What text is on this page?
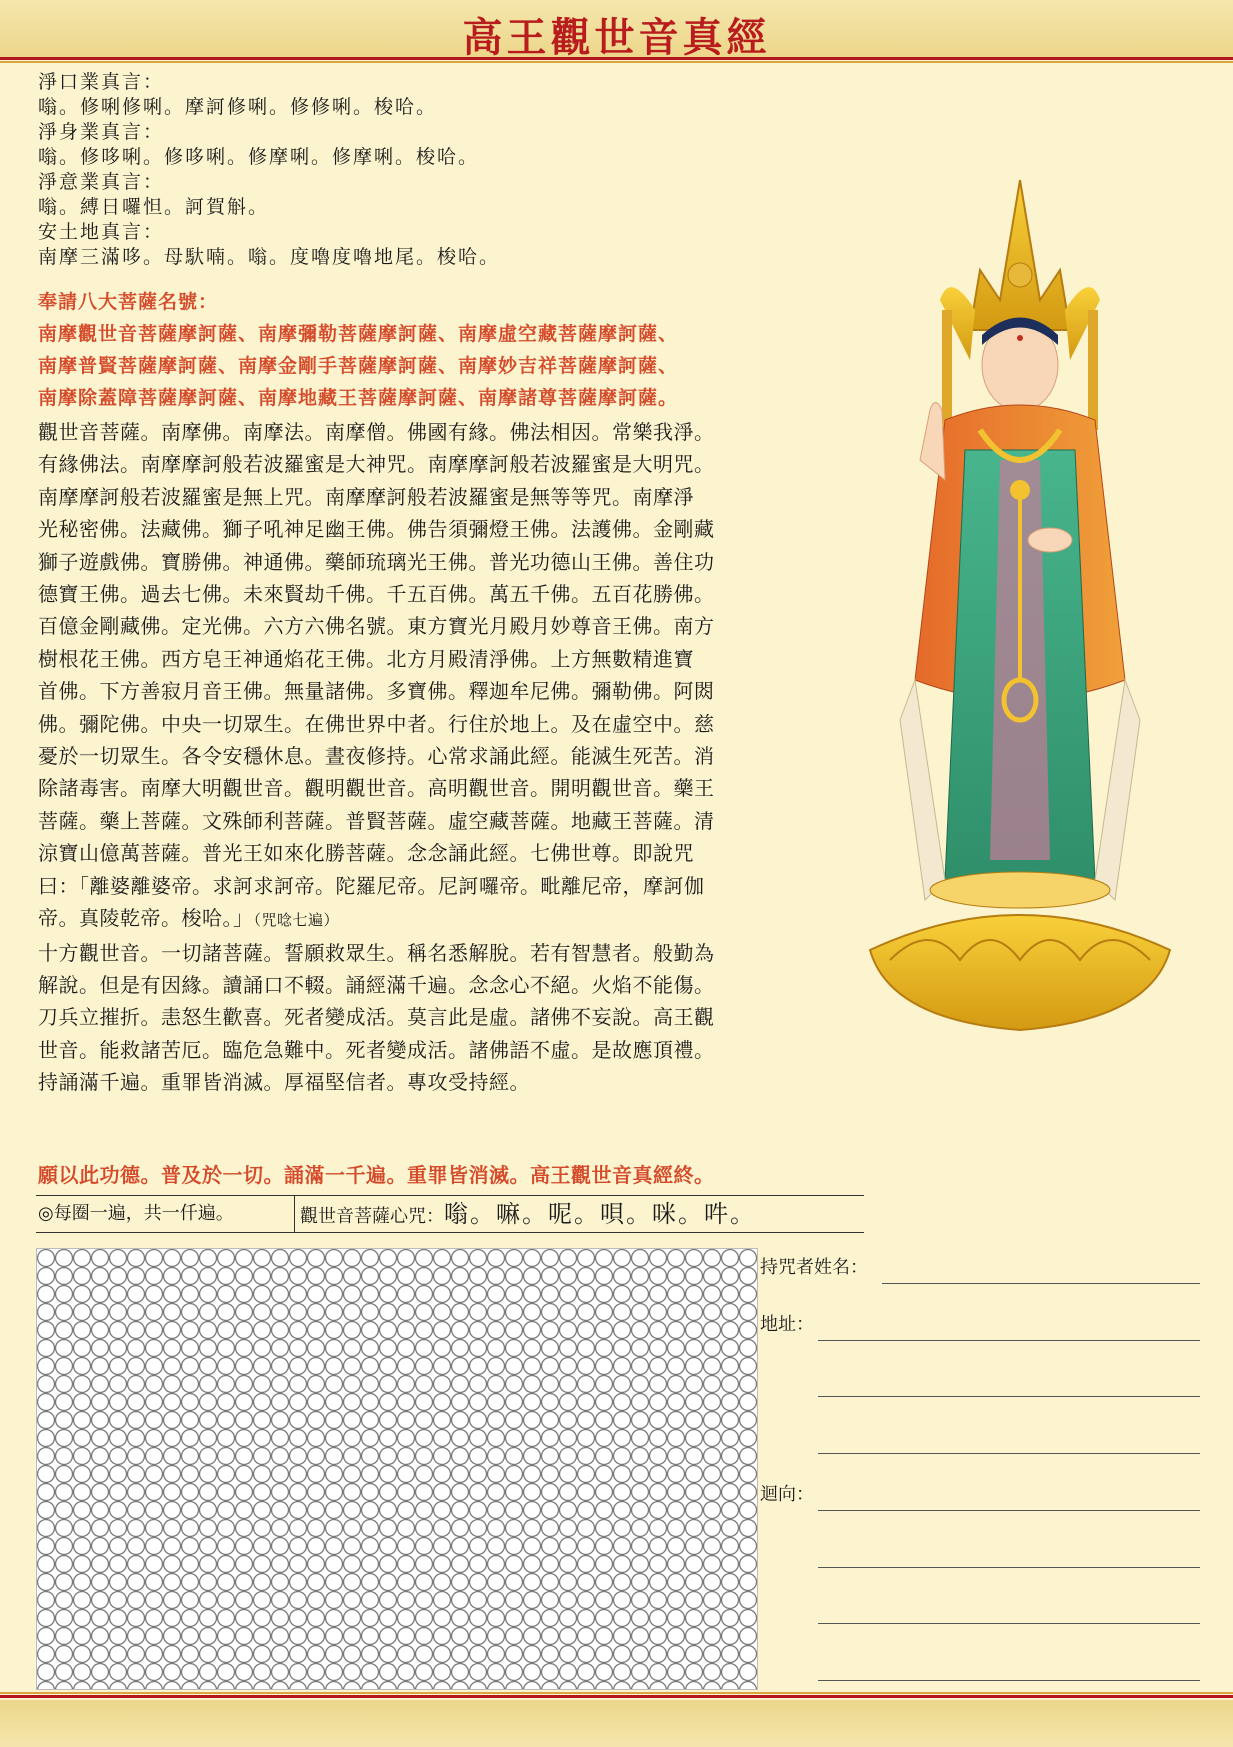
高王觀世音真經
淨口業真言：
嗡。修唎修唎。摩訶修唎。修修唎。梭哈。
淨身業真言：
嗡。修哆唎。修哆唎。修摩唎。修摩唎。梭哈。
淨意業真言：
嗡。縛日囉怛。訶賀斛。
安土地真言：
南摩三滿哆。母馱喃。嗡。度嚕度嚕地尾。梭哈。
奉請八大菩薩名號：
南摩觀世音菩薩摩訶薩、南摩彌勒菩薩摩訶薩、南摩虛空藏菩薩摩訶薩、
南摩普賢菩薩摩訶薩、南摩金剛手菩薩摩訶薩、南摩妙吉祥菩薩摩訶薩、
南摩除蓋障菩薩摩訶薩、南摩地藏王菩薩摩訶薩、南摩諸尊菩薩摩訶薩。
觀世音菩薩。南摩佛。南摩法。南摩僧。佛國有緣。佛法相因。常樂我淨。
有緣佛法。南摩摩訶般若波羅蜜是大神咒。南摩摩訶般若波羅蜜是大明咒。
南摩摩訶般若波羅蜜是無上咒。南摩摩訶般若波羅蜜是無等等咒。南摩淨
光秘密佛。法藏佛。獅子吼神足幽王佛。佛告須彌燈王佛。法護佛。金剛藏
獅子遊戲佛。寶勝佛。神通佛。藥師琉璃光王佛。普光功德山王佛。善住功
德寶王佛。過去七佛。未來賢劫千佛。千五百佛。萬五千佛。五百花勝佛。
百億金剛藏佛。定光佛。六方六佛名號。東方寶光月殿月妙尊音王佛。南方
樹根花王佛。西方皂王神通焰花王佛。北方月殿清淨佛。上方無數精進寶
首佛。下方善寂月音王佛。無量諸佛。多寶佛。釋迦牟尼佛。彌勒佛。阿閦
佛。彌陀佛。中央一切眾生。在佛世界中者。行住於地上。及在虛空中。慈
憂於一切眾生。各令安穩休息。晝夜修持。心常求誦此經。能滅生死苦。消
除諸毒害。南摩大明觀世音。觀明觀世音。高明觀世音。開明觀世音。藥王
菩薩。藥上菩薩。文殊師利菩薩。普賢菩薩。虛空藏菩薩。地藏王菩薩。清
涼寶山億萬菩薩。普光王如來化勝菩薩。念念誦此經。七佛世尊。即說咒
曰：「離婆離婆帝。求訶求訶帝。陀羅尼帝。尼訶囉帝。毗離尼帝，摩訶伽
帝。真陵乾帝。梭哈。」（咒唸七遍）
十方觀世音。一切諸菩薩。誓願救眾生。稱名悉解脫。若有智慧者。般勤為
解說。但是有因緣。讀誦口不輟。誦經滿千遍。念念心不絕。火焰不能傷。
刀兵立摧折。恚怒生歡喜。死者變成活。莫言此是虛。諸佛不妄說。高王觀
世音。能救諸苦厄。臨危急難中。死者變成活。諸佛語不虛。是故應頂禮。
持誦滿千遍。重罪皆消滅。厚福堅信者。專攻受持經。
願以此功德。普及於一切。誦滿一千遍。重罪皆消滅。高王觀世音真經終。
◎每圈一遍，共一仟遍。	觀世音菩薩心咒：嗡。嘛。呢。唄。咪。吽。
持咒者姓名：
地址：
迴向：
